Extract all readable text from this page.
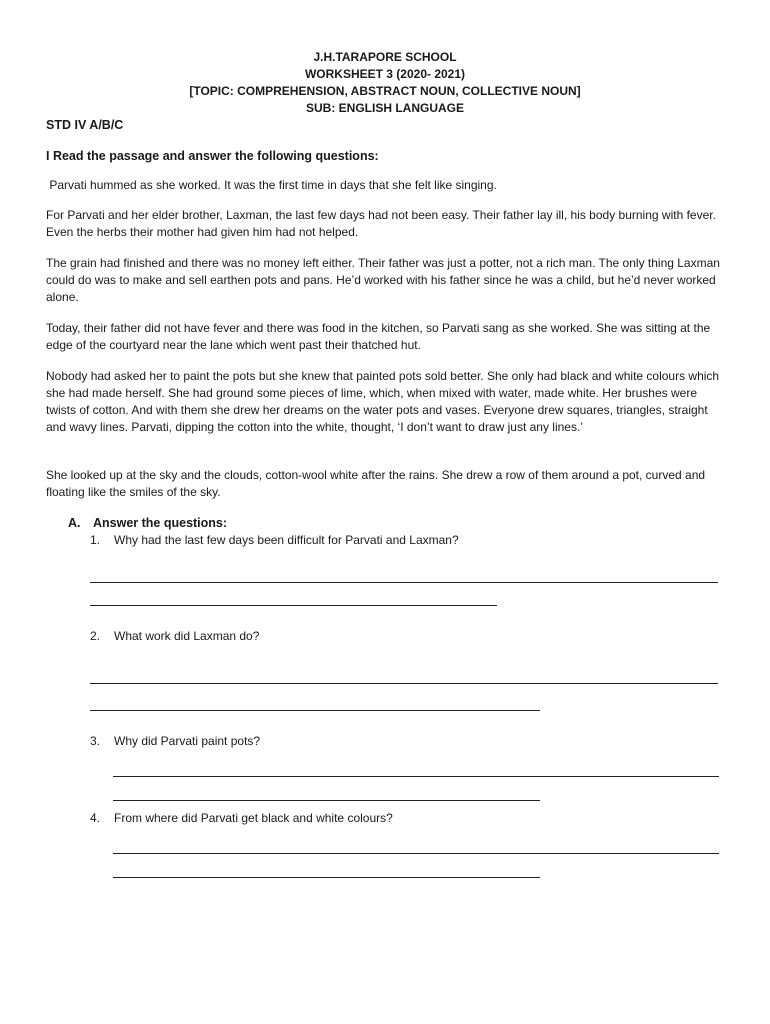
J.H.TARAPORE SCHOOL
WORKSHEET 3 (2020- 2021)
[TOPIC: COMPREHENSION, ABSTRACT NOUN, COLLECTIVE NOUN]
SUB: ENGLISH LANGUAGE
STD IV A/B/C
I Read the passage and answer the following questions:

Parvati hummed as she worked. It was the first time in days that she felt like singing.

For Parvati and her elder brother, Laxman, the last few days had not been easy. Their father lay ill, his body burning with fever. Even the herbs their mother had given him had not helped.

The grain had finished and there was no money left either. Their father was just a potter, not a rich man. The only thing Laxman could do was to make and sell earthen pots and pans. He’d worked with his father since he was a child, but he’d never worked alone.

Today, their father did not have fever and there was food in the kitchen, so Parvati sang as she worked. She was sitting at the edge of the courtyard near the lane which went past their thatched hut.

Nobody had asked her to paint the pots but she knew that painted pots sold better. She only had black and white colours which she had made herself. She had ground some pieces of lime, which, when mixed with water, made white. Her brushes were twists of cotton. And with them she drew her dreams on the water pots and vases. Everyone drew squares, triangles, straight and wavy lines. Parvati, dipping the cotton into the white, thought, ‘I don’t want to draw just any lines.’

She looked up at the sky and the clouds, cotton-wool white after the rains. She drew a row of them around a pot, curved and floating like the smiles of the sky.

A. Answer the questions:
1. Why had the last few days been difficult for Parvati and Laxman?
2. What work did Laxman do?
3. Why did Parvati paint pots?
4. From where did Parvati get black and white colours?
